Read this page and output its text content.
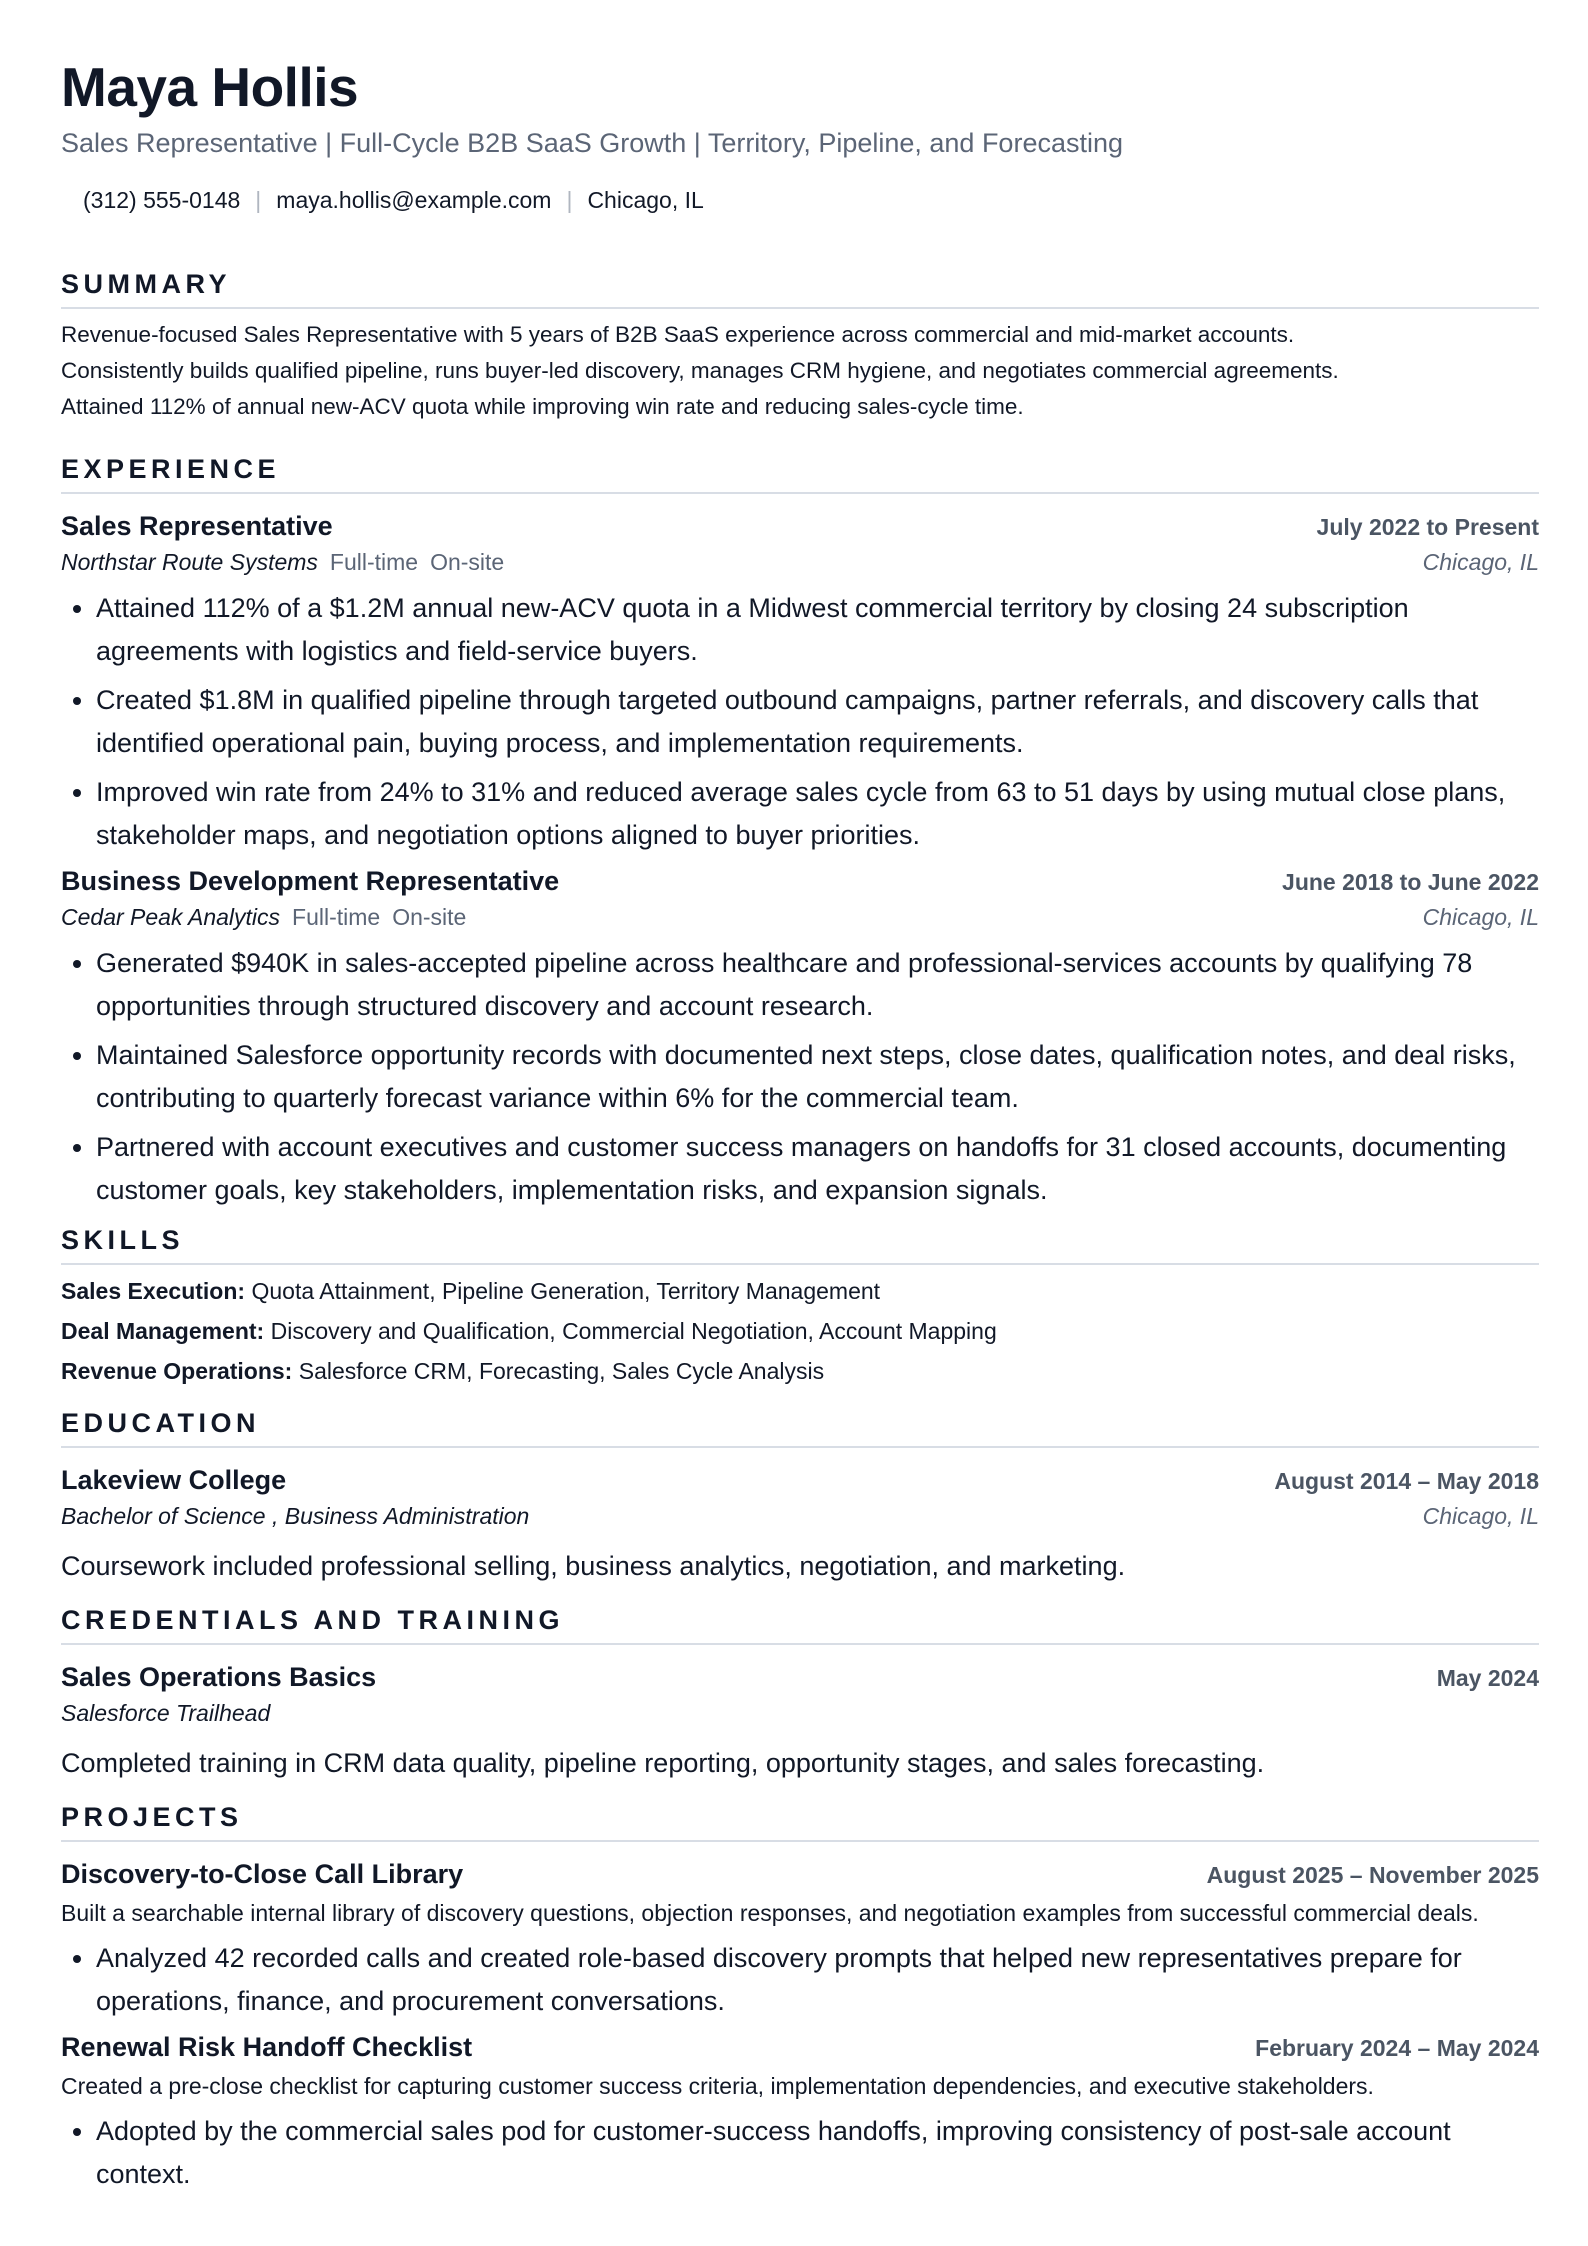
Maya Hollis
Sales Representative | Full-Cycle B2B SaaS Growth | Territory, Pipeline, and Forecasting
(312) 555-0148 | maya.hollis@example.com | Chicago, IL
SUMMARY
Revenue-focused Sales Representative with 5 years of B2B SaaS experience across commercial and mid-market accounts.
Consistently builds qualified pipeline, runs buyer-led discovery, manages CRM hygiene, and negotiates commercial agreements.
Attained 112% of annual new-ACV quota while improving win rate and reducing sales-cycle time.
EXPERIENCE
Sales Representative	July 2022 to Present
Northstar Route Systems Full-time On-site	Chicago, IL
• Attained 112% of a $1.2M annual new-ACV quota in a Midwest commercial territory by closing 24 subscription agreements with logistics and field-service buyers.
• Created $1.8M in qualified pipeline through targeted outbound campaigns, partner referrals, and discovery calls that identified operational pain, buying process, and implementation requirements.
• Improved win rate from 24% to 31% and reduced average sales cycle from 63 to 51 days by using mutual close plans, stakeholder maps, and negotiation options aligned to buyer priorities.
Business Development Representative	June 2018 to June 2022
Cedar Peak Analytics Full-time On-site	Chicago, IL
• Generated $940K in sales-accepted pipeline across healthcare and professional-services accounts by qualifying 78 opportunities through structured discovery and account research.
• Maintained Salesforce opportunity records with documented next steps, close dates, qualification notes, and deal risks, contributing to quarterly forecast variance within 6% for the commercial team.
• Partnered with account executives and customer success managers on handoffs for 31 closed accounts, documenting customer goals, key stakeholders, implementation risks, and expansion signals.
SKILLS
Sales Execution: Quota Attainment, Pipeline Generation, Territory Management
Deal Management: Discovery and Qualification, Commercial Negotiation, Account Mapping
Revenue Operations: Salesforce CRM, Forecasting, Sales Cycle Analysis
EDUCATION
Lakeview College	August 2014 – May 2018
Bachelor of Science , Business Administration	Chicago, IL
Coursework included professional selling, business analytics, negotiation, and marketing.
CREDENTIALS AND TRAINING
Sales Operations Basics	May 2024
Salesforce Trailhead
Completed training in CRM data quality, pipeline reporting, opportunity stages, and sales forecasting.
PROJECTS
Discovery-to-Close Call Library	August 2025 – November 2025
Built a searchable internal library of discovery questions, objection responses, and negotiation examples from successful commercial deals.
• Analyzed 42 recorded calls and created role-based discovery prompts that helped new representatives prepare for operations, finance, and procurement conversations.
Renewal Risk Handoff Checklist	February 2024 – May 2024
Created a pre-close checklist for capturing customer success criteria, implementation dependencies, and executive stakeholders.
• Adopted by the commercial sales pod for customer-success handoffs, improving consistency of post-sale account context.
